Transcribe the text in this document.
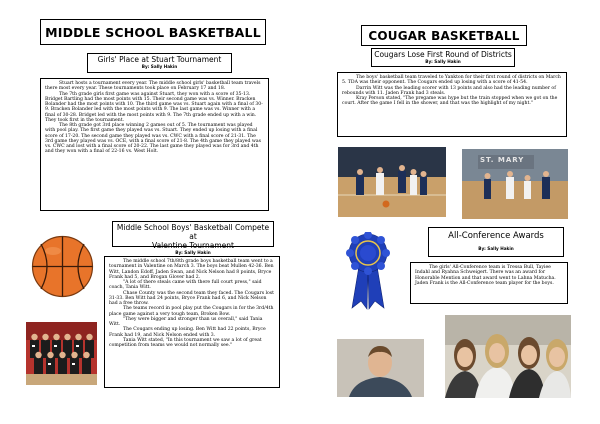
MIDDLE SCHOOL BASKETBALL
Girls' Place at Stuart Tournament
By: Sally Hakin

Stuart hosts a tournament every year. The middle school girls' basketball team travels there most every year. These tournaments took place on February 17 and 18.

The 7th grade girls first game was against Stuart, they won with a score of 35-13. Bridget Bartling had the most points with 15. Their second game was vs. Winner. Bracken Bolander had the most points with 10. The third game was vs. Stuart again with a final of 30-9. Bracken Bolander led with the most points with 9. The last game was vs. Winner with a final of 30-28. Bridget led with the most points with 9. The 7th grade ended up with a win. They took first in the tournament.

The 8th grade got 3rd place winning 2 games out of 5. The tournament was played with pool play. The first game they played was vs. Stuart. They ended up losing with a final score of 17-20. The second game they played was vs. CWC with a final score of 21-31. The 3rd game they played was vs. OCE, with a final score of 21-8. The 4th game they played was vs. CWC and lost with a final score of 20-22. The last game they played was for 3rd and 4th and they won with a final of 22-16 vs. West Holt.

Middle School Boys' Basketball Compete at
Valentine Tournament
By: Sally Hakin

The middle school 7th/8th grade boys basketball team went to a tournament in Valentine on March 3. The boys beat Mullen 42-36. Ben Witt, Landon Edoff, Jaden Swan, and Nick Nelson had 8 points, Bryce Frank had 5, and Brogan Glover had 2.

"A lot of there steals came with there full court press," said coach, Tania Witt.

Chase County was the second team they faced. The Cougars lost 31-33. Ben Witt had 24 points, Bryce Frank had 6, and Nick Nelson had a free throw.

The teams record in pool play put the Cougars in for the 3rd/4th place game against a very tough team, Broken Bow.

"They were bigger and stronger than us overall," said Tania Witt.

The Cougars ending up losing. Ben Witt had 22 points, Bryce Frank had 19, and Nick Nelson ended with 3.

Tania Witt stated, "In this tournament we saw a lot of great competition from teams we would not normally see."

COUGAR BASKETBALL
Cougars Lose First Round of Districts
By: Sally Hakin

The boys' basketball team traveled to Yankton for their first round of districts on March 5. TDA was their opponent. The Cougars ended up losing with a score of 41-54.

Darrin Witt was the leading scorer with 13 points and also had the leading number of rebounds with 11. Jaden Frank had 3 steals.

Kray Person stated, "The pregame was hype but the train stopped when we got on the court. After the game I fell in the shower, and that was the highlight of my night."

ST. MARY
All-Conference Awards
By: Sally Hakin

The girls' All-Conference team is Tressa Bull, Tayiee Indahl and Ryahna Schweigert. There was an award for Honorable Mention and that award went to Lahna Matucha. Jaden Frank is the All-Conference team player for the boys.
